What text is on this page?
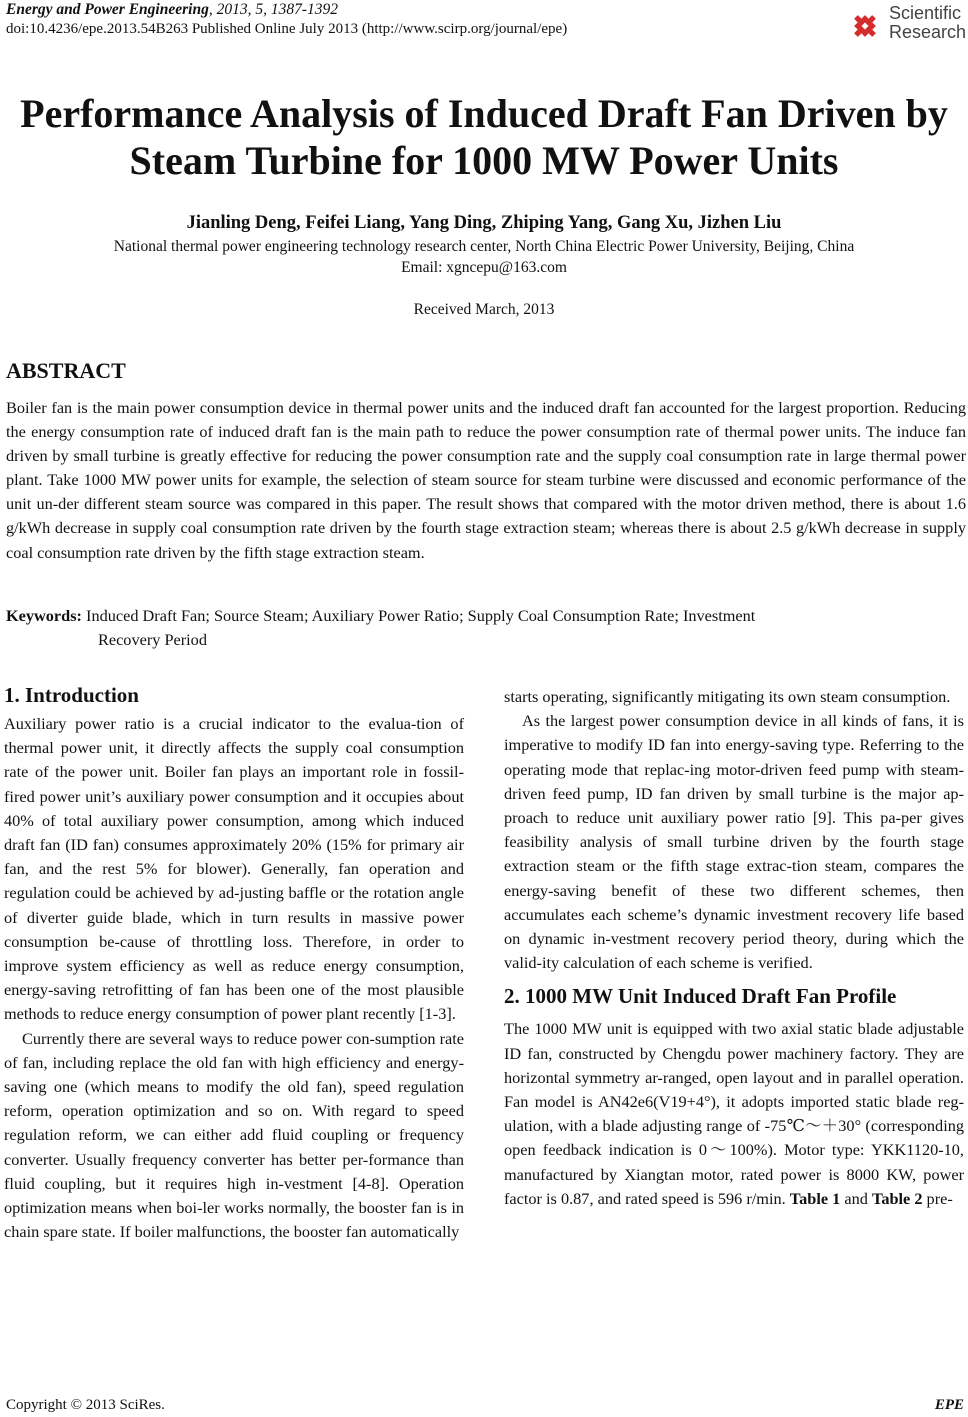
Energy and Power Engineering, 2013, 5, 1387-1392
doi:10.4236/epe.2013.54B263 Published Online July 2013 (http://www.scirp.org/journal/epe)
Scientific
Research
Performance Analysis of Induced Draft Fan Driven by
Steam Turbine for 1000 MW Power Units
Jianling Deng, Feifei Liang, Yang Ding, Zhiping Yang, Gang Xu, Jizhen Liu
National thermal power engineering technology research center, North China Electric Power University, Beijing, China
Email: xgncepu@163.com
Received March, 2013
ABSTRACT

Boiler fan is the main power consumption device in thermal power units and the induced draft fan accounted for the largest proportion. Reducing the energy consumption rate of induced draft fan is the main path to reduce the power consumption rate of thermal power units. The induce fan driven by small turbine is greatly effective for reducing the power consumption rate and the supply coal consumption rate in large thermal power plant. Take 1000 MW power units for example, the selection of steam source for steam turbine were discussed and economic performance of the unit un-der different steam source was compared in this paper. The result shows that compared with the motor driven method, there is about 1.6 g/kWh decrease in supply coal consumption rate driven by the fourth stage extraction steam; whereas there is about 2.5 g/kWh decrease in supply coal consumption rate driven by the fifth stage extraction steam.

Keywords: Induced Draft Fan; Source Steam; Auxiliary Power Ratio; Supply Coal Consumption Rate; Investment
Recovery Period
1. Introduction

Auxiliary power ratio is a crucial indicator to the evalua-tion of thermal power unit, it directly affects the supply coal consumption rate of the power unit. Boiler fan plays an important role in fossil-fired power unit’s auxiliary power consumption and it occupies about 40% of total auxiliary power consumption, among which induced draft fan (ID fan) consumes approximately 20% (15% for primary air fan, and the rest 5% for blower). Generally, fan operation and regulation could be achieved by ad-justing baffle or the rotation angle of diverter guide blade, which in turn results in massive power consumption be-cause of throttling loss. Therefore, in order to improve system efficiency as well as reduce energy consumption, energy-saving retrofitting of fan has been one of the most plausible methods to reduce energy consumption of power plant recently [1-3].

Currently there are several ways to reduce power con-sumption rate of fan, including replace the old fan with high efficiency and energy-saving one (which means to modify the old fan), speed regulation reform, operation optimization and so on. With regard to speed regulation reform, we can either add fluid coupling or frequency converter. Usually frequency converter has better per-formance than fluid coupling, but it requires high in-vestment [4-8]. Operation optimization means when boi-ler works normally, the booster fan is in chain spare state. If boiler malfunctions, the booster fan automatically

starts operating, significantly mitigating its own steam consumption.

As the largest power consumption device in all kinds of fans, it is imperative to modify ID fan into energy-saving type. Referring to the operating mode that replac-ing motor-driven feed pump with steam-driven feed pump, ID fan driven by small turbine is the major ap-proach to reduce unit auxiliary power ratio [9]. This pa-per gives feasibility analysis of small turbine driven by the fourth stage extraction steam or the fifth stage extrac-tion steam, compares the energy-saving benefit of these two different schemes, then accumulates each scheme’s dynamic investment recovery life based on dynamic in-vestment recovery period theory, during which the valid-ity calculation of each scheme is verified.

2. 1000 MW Unit Induced Draft Fan Profile

The 1000 MW unit is equipped with two axial static blade adjustable ID fan, constructed by Chengdu power machinery factory. They are horizontal symmetry ar-ranged, open layout and in parallel operation. Fan model is AN42e6(V19+4°), it adopts imported static blade reg-ulation, with a blade adjusting range of -75℃～＋30° (corresponding open feedback indication is 0～100%). Motor type: YKK1120-10, manufactured by Xiangtan motor, rated power is 8000 KW, power factor is 0.87, and rated speed is 596 r/min. Table 1 and Table 2 pre-

Copyright © 2013 SciRes.	EPE
